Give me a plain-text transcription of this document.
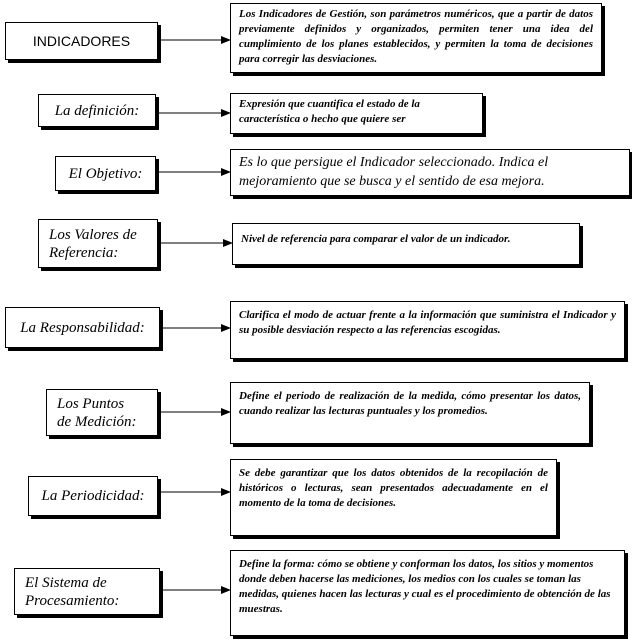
INDICADORES
Los Indicadores de Gestión, son parámetros numéricos, que a partir de datos previamente definidos y organizados, permiten tener una idea del cumplimiento de los planes establecidos, y permiten la toma de decisiones para corregir las desviaciones.
La definición:	Expresión que cuantifica el estado de la característica o hecho que quiere ser
El Objetivo:
Es lo que persigue el Indicador seleccionado. Indica el mejoramiento que se busca y el sentido de esa mejora.
Los Valores de
Referencia:
Nivel de referencia para comparar el valor de un indicador.
La Responsabilidad:
Clarifica el modo de actuar frente a la información que suministra el Indicador y su posible desviación respecto a las referencias escogidas.
Los Puntos
de Medición:
Define el periodo de realización de la medida, cómo presentar los datos, cuando realizar las lecturas puntuales y los promedios.
La Periodicidad:
Se debe garantizar que los datos obtenidos de la recopilación de históricos o lecturas, sean presentados adecuadamente en el momento de la toma de decisiones.
El Sistema de
Procesamiento:
Define la forma: cómo se obtiene y conforman los datos, los sitios y momentos donde deben hacerse las mediciones, los medios con los cuales se toman las medidas, quienes hacen las lecturas y cual es el procedimiento de obtención de las muestras.
